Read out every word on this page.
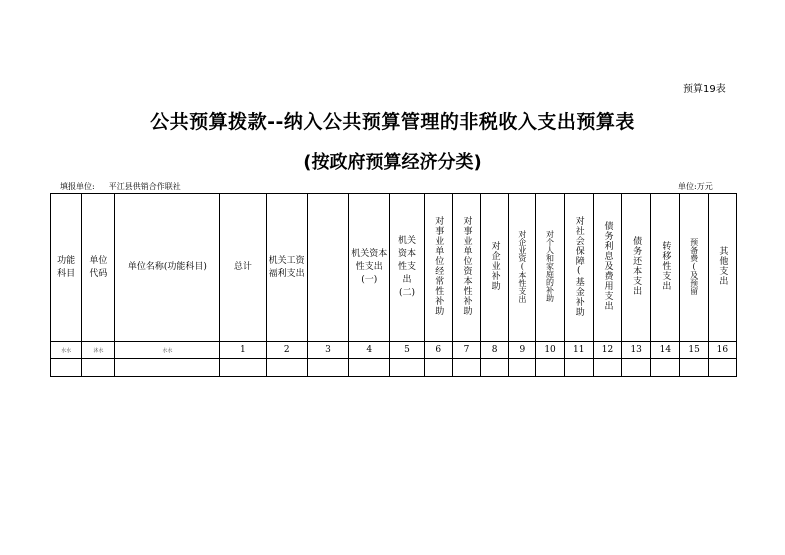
预算19表
公共预算拨款--纳入公共预算管理的非税收入支出预算表
(按政府预算经济分类)
填报单位: 平江县供销合作联社	单位:万元
功能科目	单位代码	单位名称(功能科目)	总计	机关工资福利支出		机关资本性支出(一)	机关资本性支出(二)	对事业单位经常性补助	对事业单位资本性补助	对企业补助	对企业资(本性支出	对个人和家庭的补助	对社会保障(基金补助	债务利息及费用支出	债务还本支出	转移性支出	预备费(及预留	其他支出
水水	沐水	水水	1	2	3	4	5	6	7	8	9	10	11	12	13	14	15	16
